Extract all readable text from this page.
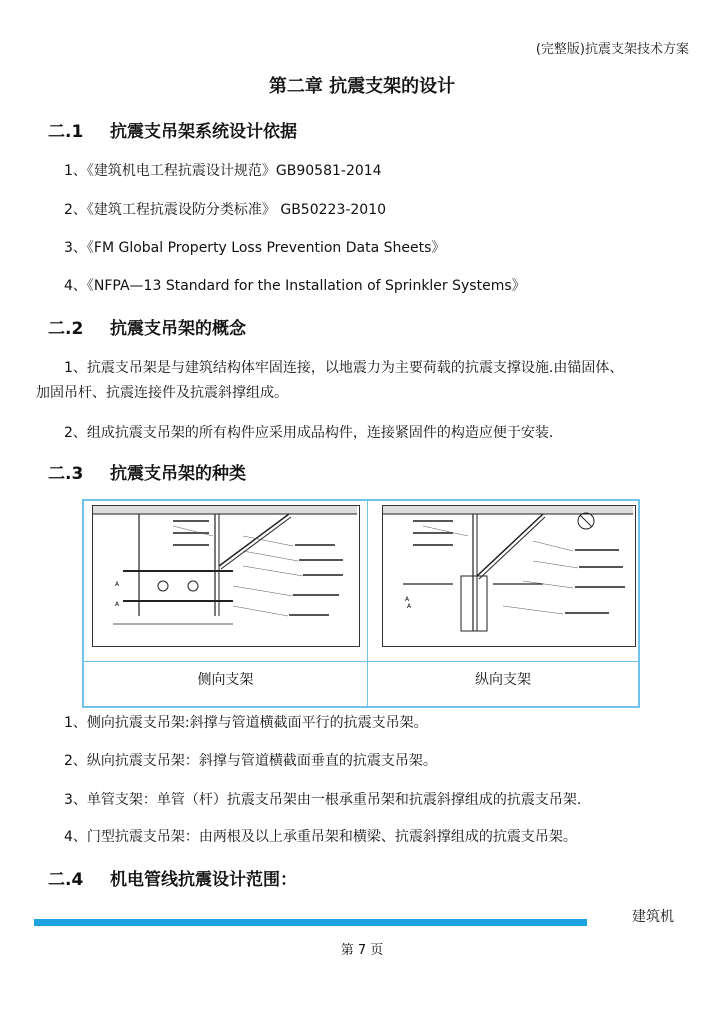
(完整版)抗震支架技术方案
第二章 抗震支架的设计
二.1 抗震支吊架系统设计依据
1、《建筑机电工程抗震设计规范》GB90581-2014
2、《建筑工程抗震设防分类标准》 GB50223-2010
3、《FM Global Property Loss Prevention Data Sheets》
4、《NFPA—13 Standard for the Installation of Sprinkler Systems》
二.2 抗震支吊架的概念
1、抗震支吊架是与建筑结构体牢固连接，以地震力为主要荷载的抗震支撑设施.由锚固体、
加固吊杆、抗震连接件及抗震斜撑组成。
2、组成抗震支吊架的所有构件应采用成品构件，连接紧固件的构造应便于安装.
二.3 抗震支吊架的种类
A
A
A
A
侧向支架	纵向支架
1、侧向抗震支吊架:斜撑与管道横截面平行的抗震支吊架。
2、纵向抗震支吊架：斜撑与管道横截面垂直的抗震支吊架。
3、单管支架：单管（杆）抗震支吊架由一根承重吊架和抗震斜撑组成的抗震支吊架.
4、门型抗震支吊架：由两根及以上承重吊架和横梁、抗震斜撑组成的抗震支吊架。
二.4 机电管线抗震设计范围：
建筑机
第 7 页
